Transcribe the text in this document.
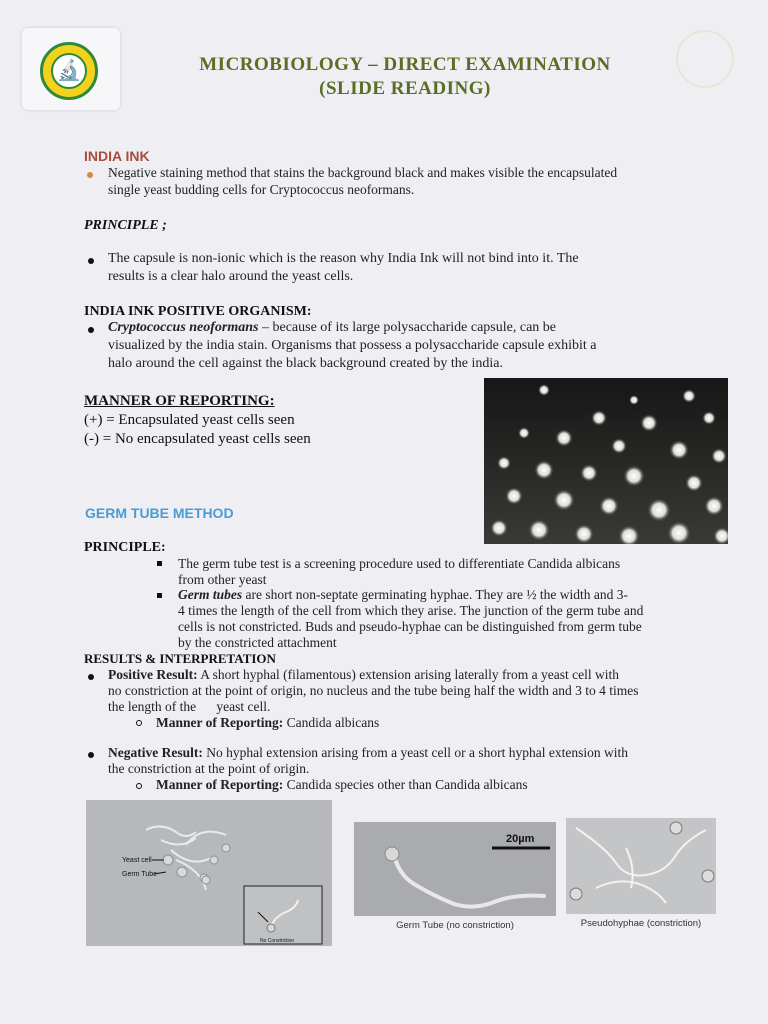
🔬	MICROBIOLOGY – DIRECT EXAMINATION
(SLIDE READING)
INDIA INK
Negative staining method that stains the background black and makes visible the encapsulated
single yeast budding cells for Cryptococcus neoformans.
PRINCIPLE ;
The capsule is non-ionic which is the reason why India Ink will not bind into it. The
results is a clear halo around the yeast cells.
INDIA INK POSITIVE ORGANISM:
Cryptococcus neoformans – because of its large polysaccharide capsule, can be
visualized by the india stain. Organisms that possess a polysaccharide capsule exhibit a
halo around the cell against the black background created by the india.
MANNER OF REPORTING:
(+) = Encapsulated yeast cells seen
(-) = No encapsulated yeast cells seen
GERM TUBE METHOD
PRINCIPLE:
The germ tube test is a screening procedure used to differentiate Candida albicans
from other yeast
Germ tubes are short non-septate germinating hyphae. They are ½ the width and 3-
4 times the length of the cell from which they arise. The junction of the germ tube and
cells is not constricted. Buds and pseudo-hyphae can be distinguished from germ tube
by the constricted attachment
RESULTS & INTERPRETATION
Positive Result: A short hyphal (filamentous) extension arising laterally from a yeast cell with
no constriction at the point of origin, no nucleus and the tube being half the width and 3 to 4 times
the length of the      yeast cell.
Manner of Reporting: Candida albicans
Negative Result: No hyphal extension arising from a yeast cell or a short hyphal extension with
the constriction at the point of origin.
Manner of Reporting: Candida species other than Candida albicans
Yeast cell
Germ Tube
No Constriction
20µm
Germ Tube (no constriction)	Pseudohyphae (constriction)
